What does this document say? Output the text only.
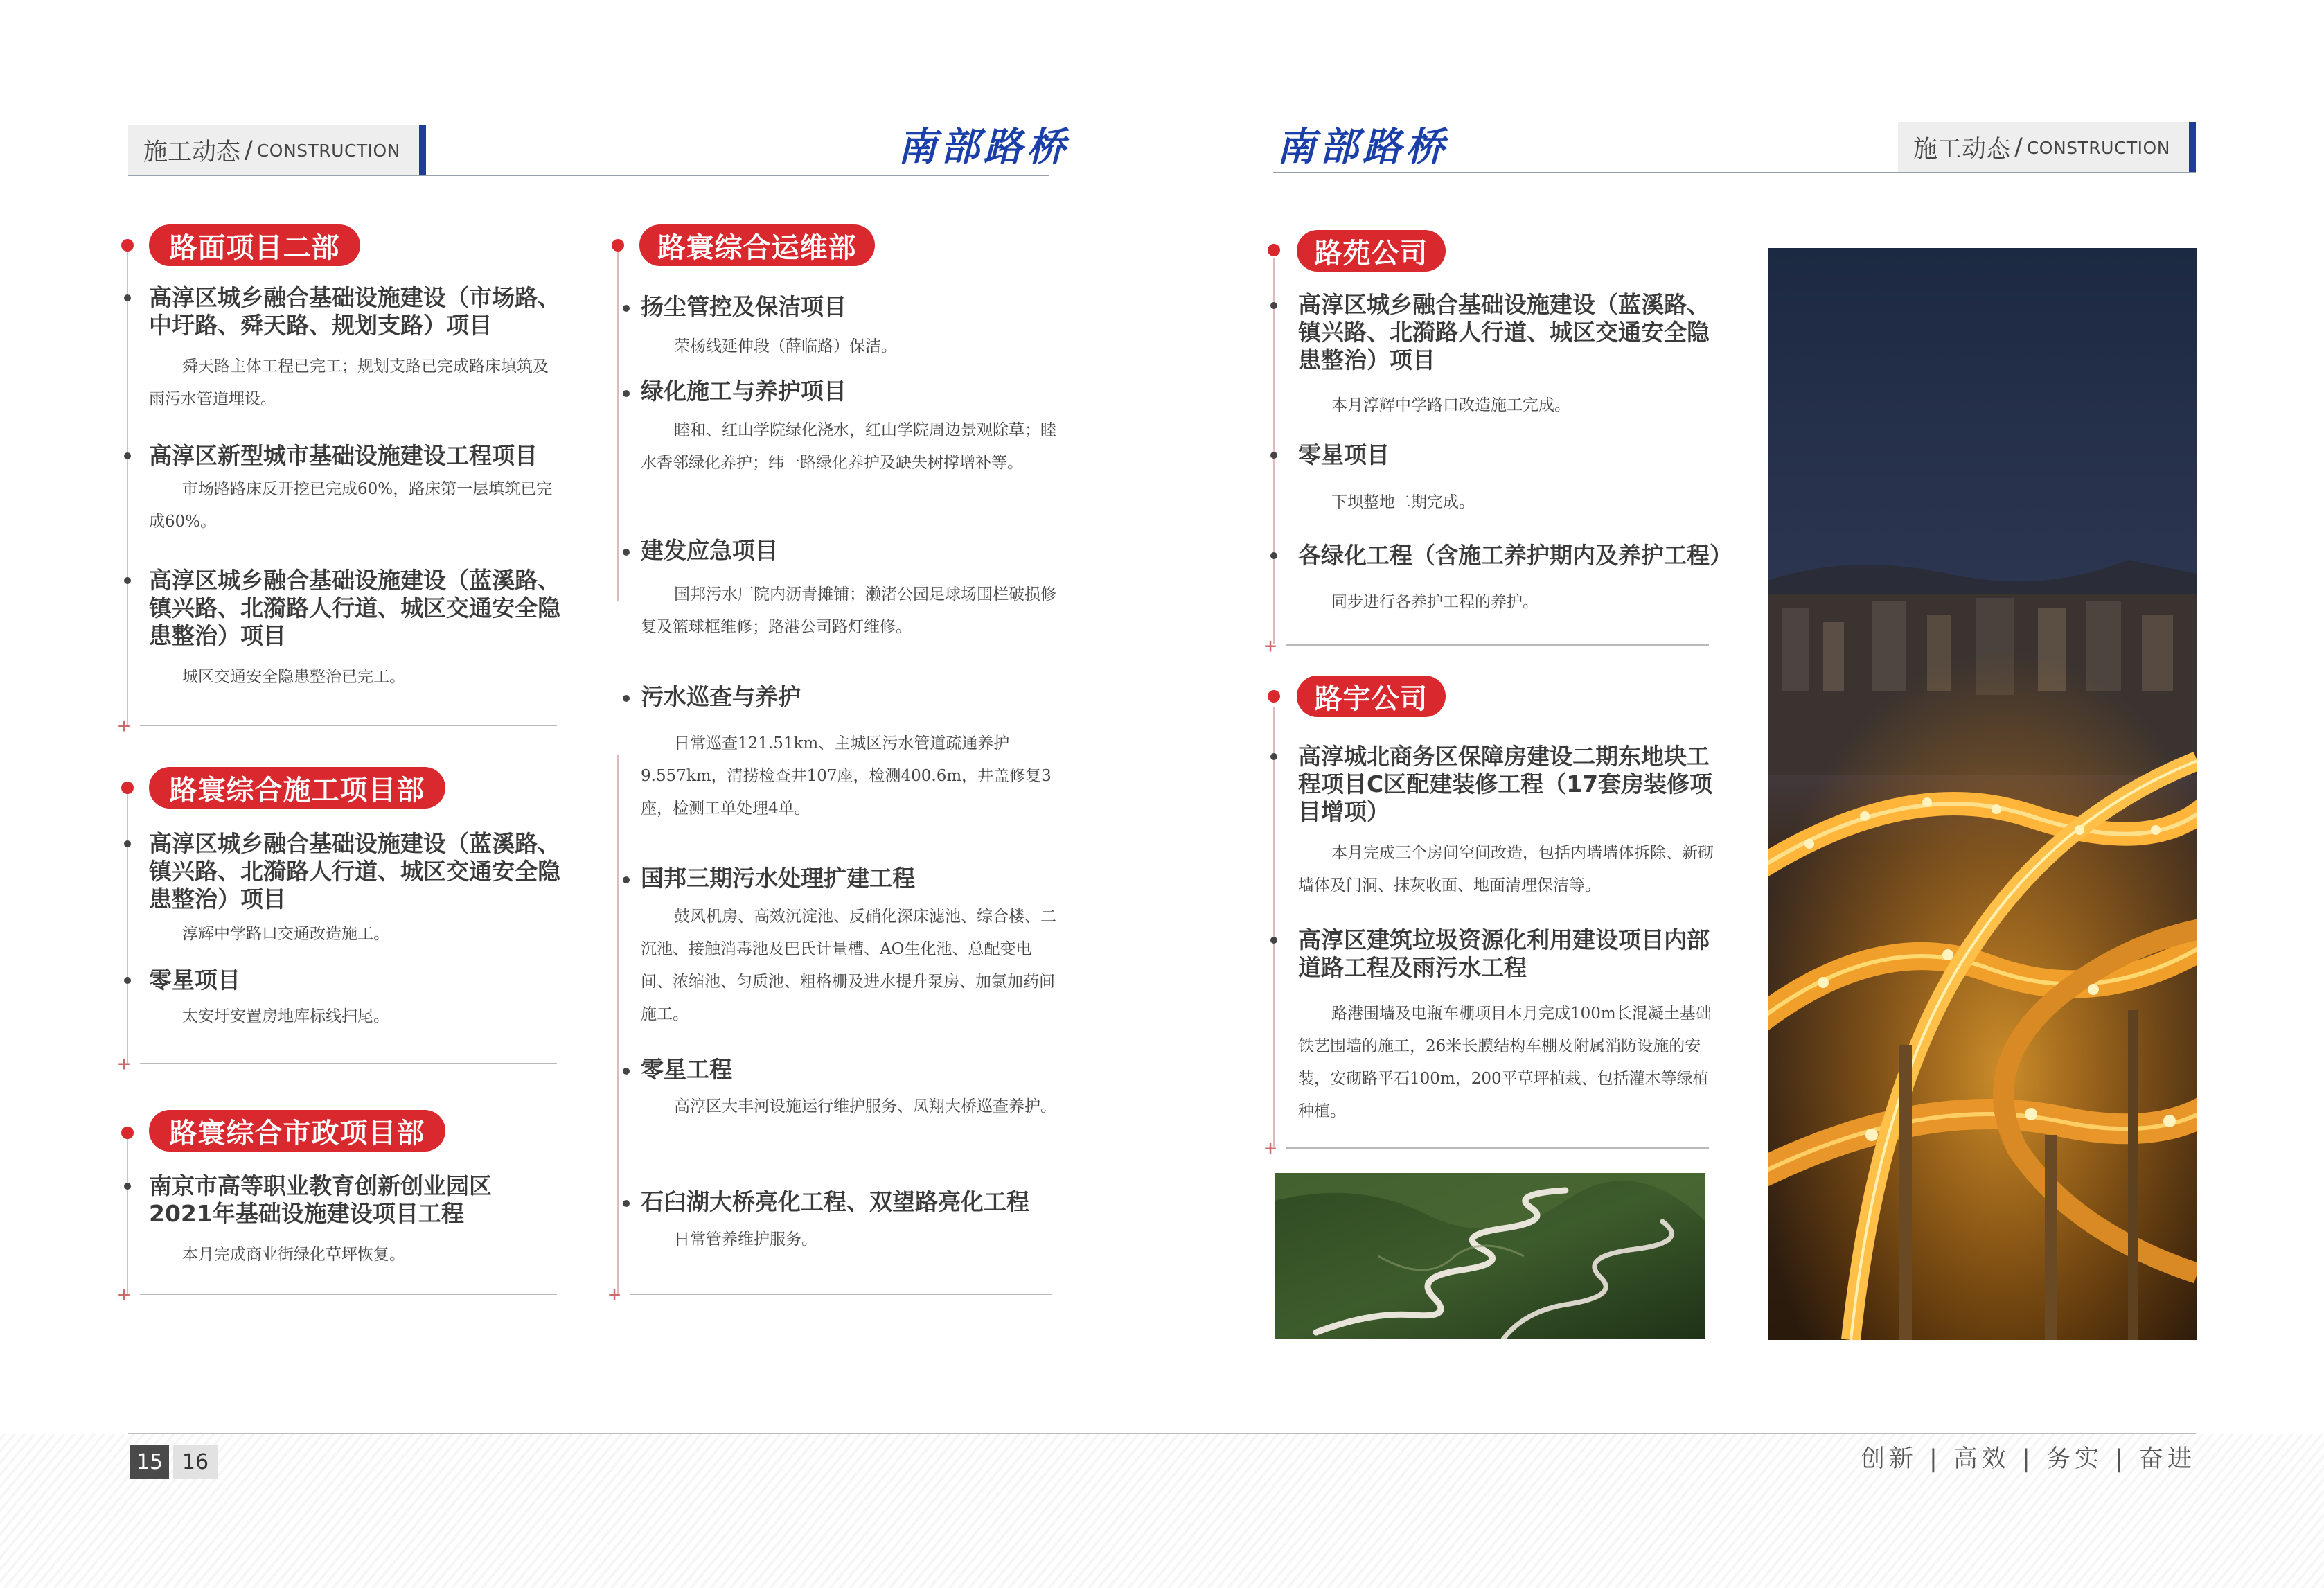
施工动态 / CONSTRUCTION	南部路桥	南部路桥	施工动态 / CONSTRUCTION
路面项目二部
高淳区城乡融合基础设施建设（市场路、中圩路、舜天路、规划支路）项目
舜天路主体工程已完工；规划支路已完成路床填筑及雨污水管道埋设。
高淳区新型城市基础设施建设工程项目
市场路路床反开挖已完成60%，路床第一层填筑已完成60%。
高淳区城乡融合基础设施建设（蓝溪路、镇兴路、北漪路人行道、城区交通安全隐患整治）项目
城区交通安全隐患整治已完工。
+
路寰综合施工项目部
高淳区城乡融合基础设施建设（蓝溪路、镇兴路、北漪路人行道、城区交通安全隐患整治）项目
淳辉中学路口交通改造施工。
零星项目
太安圩安置房地库标线扫尾。
+
路寰综合市政项目部
南京市高等职业教育创新创业园区2021年基础设施建设项目工程
本月完成商业街绿化草坪恢复。
+
路寰综合运维部
扬尘管控及保洁项目
荣杨线延伸段（薛临路）保洁。
绿化施工与养护项目
睦和、红山学院绿化浇水，红山学院周边景观除草；睦水香邻绿化养护；纬一路绿化养护及缺失树撑增补等。
建发应急项目
国邦污水厂院内沥青摊铺；濑渚公园足球场围栏破损修复及篮球框维修；路港公司路灯维修。
污水巡查与养护
日常巡查121.51km、主城区污水管道疏通养护9.557km，清捞检查井107座，检测400.6m，井盖修复3座，检测工单处理4单。
国邦三期污水处理扩建工程
鼓风机房、高效沉淀池、反硝化深床滤池、综合楼、二沉池、接触消毒池及巴氏计量槽、AO生化池、总配变电间、浓缩池、匀质池、粗格栅及进水提升泵房、加氯加药间施工。
零星工程
高淳区大丰河设施运行维护服务、凤翔大桥巡查养护。
石臼湖大桥亮化工程、双望路亮化工程
日常管养维护服务。
+
路苑公司
高淳区城乡融合基础设施建设（蓝溪路、镇兴路、北漪路人行道、城区交通安全隐患整治）项目
本月淳辉中学路口改造施工完成。
零星项目
下坝整地二期完成。
各绿化工程（含施工养护期内及养护工程）
同步进行各养护工程的养护。
+
路宇公司
高淳城北商务区保障房建设二期东地块工程项目C区配建装修工程（17套房装修项目增项）
本月完成三个房间空间改造，包括内墙墙体拆除、新砌墙体及门洞、抹灰收面、地面清理保洁等。
高淳区建筑垃圾资源化利用建设项目内部道路工程及雨污水工程
路港围墙及电瓶车棚项目本月完成100m长混凝土基础铁艺围墙的施工，26米长膜结构车棚及附属消防设施的安装，安砌路平石100m，200平草坪植栽、包括灌木等绿植种植。
+
15 16	创新 | 高效 | 务实 | 奋进
